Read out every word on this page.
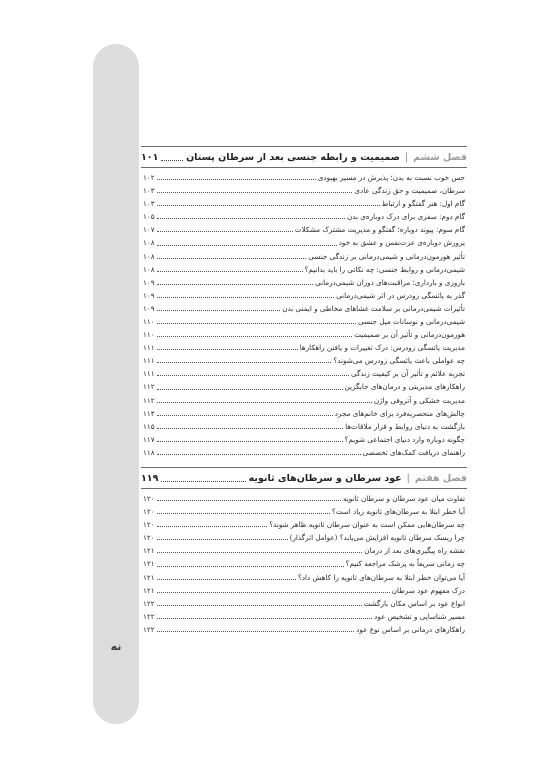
نه
فصل ششم
|
صمیمیت و رابطه جنسی بعد از سرطان پستان
۱۰۱
حس خوب نسبت به بدن؛ پذیرش در مسیر بهبودی
۱۰۲
سرطان، صمیمیت و حق زندگی عادی
۱۰۳
گام اول: هنر گفتگو و ارتباط
۱۰۳
گام دوم: سفری برای درک دوباره‌ی بدن
۱۰۵
گام سوم: پیوند دوباره؛ گفتگو و مدیریت مشترک مشکلات
۱۰۷
پرورش دوباره‌ی عزت‌نفس و عشق به خود
۱۰۸
تأثیر هورمون‌درمانی و شیمی‌درمانی بر زندگی جنسی
۱۰۸
شیمی‌درمانی و روابط جنسی: چه نکاتی را باید بدانیم؟
۱۰۸
باروری و بارداری؛ مراقبت‌های دوران شیمی‌درمانی
۱۰۹
گذر به یائسگی زودرس در اثر شیمی‌درمانی
۱۰۹
تأثیرات شیمی‌درمانی بر سلامت غشاهای مخاطی و ایمنی بدن
۱۰۹
شیمی‌درمانی و نوسانات میل جنسی
۱۱۰
هورمون‌درمانی و تأثیر آن بر صمیمیت
۱۱۰
مدیریت یائسگی زودرس: درک تغییرات و یافتن راهکارها
۱۱۱
چه عواملی باعث یائسگی زودرس می‌شوند؟
۱۱۱
تجربه علائم و تأثیر آن بر کیفیت زندگی
۱۱۱
راهکارهای مدیریتی و درمان‌های جایگزین
۱۱۲
مدیریت خشکی و آتروفی واژن
۱۱۲
چالش‌های منحصربه‌فرد برای خانم‌های مجرد
۱۱۴
بازگشت به دنیای روابط و قرار ملاقات‌ها
۱۱۵
چگونه دوباره وارد دنیای اجتماعی شویم؟
۱۱۷
راهنمای دریافت کمک‌های تخصصی
۱۱۸
فصل هفتم
|
عود سرطان و سرطان‌های ثانویه
۱۱۹
تفاوت میان عود سرطان و سرطان ثانویه
۱۲۰
آیا خطر ابتلا به سرطان‌های ثانویه زیاد است؟
۱۲۰
چه سرطان‌هایی ممکن است به عنوان سرطان ثانویه ظاهر شوند؟
۱۲۰
چرا ریسک سرطان ثانویه افزایش می‌یابد؟ (عوامل اثرگذار)
۱۲۰
نقشه راه پیگیری‌های بعد از درمان
۱۲۱
چه زمانی سریعاً به پزشک مراجعه کنیم؟
۱۲۱
آیا می‌توان خطر ابتلا به سرطان‌های ثانویه را کاهش داد؟
۱۲۱
درک مفهوم عود سرطان
۱۲۱
انواع عود بر اساس مکان بازگشت
۱۲۲
مسیر شناسایی و تشخیص عود
۱۲۲
راهکارهای درمانی بر اساس نوع عود
۱۲۲
